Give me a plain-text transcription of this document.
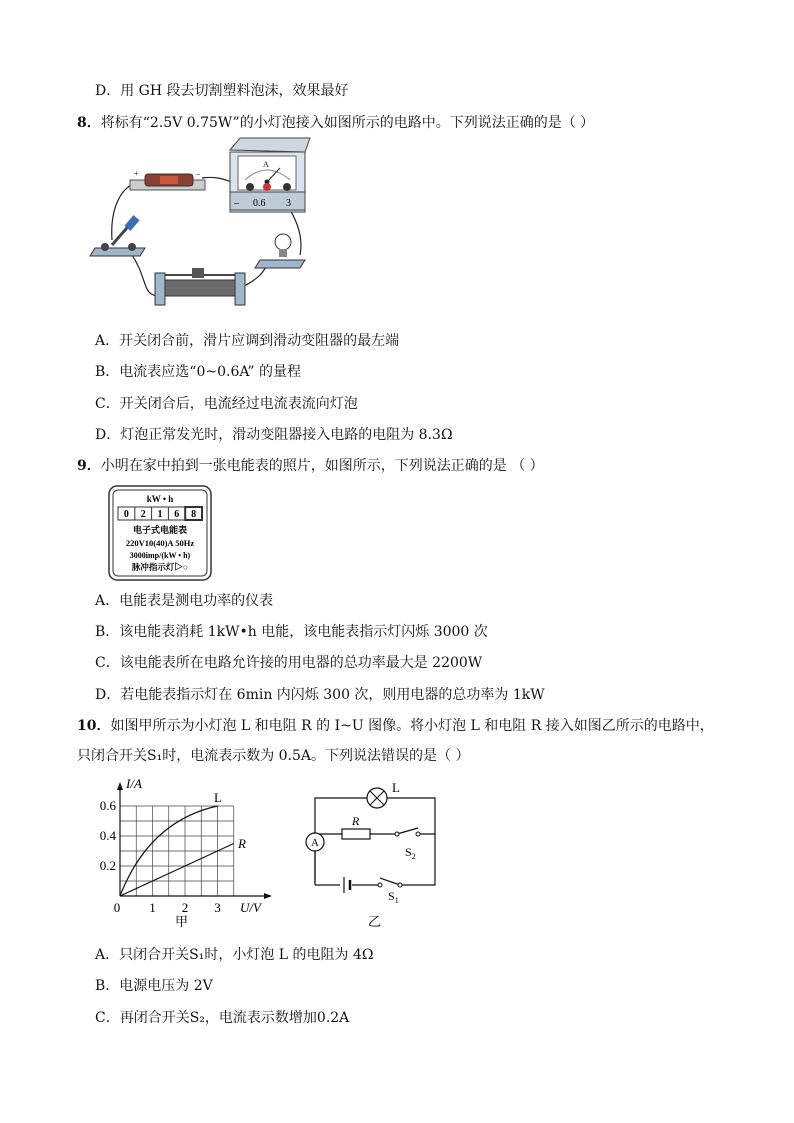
D．用 GH 段去切割塑料泡沫，效果最好
8．将标有“2.5V 0.75W”的小灯泡接入如图所示的电路中。下列说法正确的是（ ）
+	–
A
– 0.6 3
A．开关闭合前，滑片应调到滑动变阻器的最左端
B．电流表应选“0~0.6A” 的量程
C．开关闭合后，电流经过电流表流向灯泡
D．灯泡正常发光时，滑动变阻器接入电路的电阻为 8.3Ω
9．小明在家中拍到一张电能表的照片，如图所示，下列说法正确的是 （ ）
kW • h
0 2 1 6 8
电子式电能表
220V10(40)A 50Hz
3000imp/(kW • h)
脉冲指示灯▷○
A．电能表是测电功率的仪表
B．该电能表消耗 1kW•h 电能，该电能表指示灯闪烁 3000 次
C．该电能表所在电路允许接的用电器的总功率最大是 2200W
D．若电能表指示灯在 6min 内闪烁 300 次，则用电器的总功率为 1kW
10．如图甲所示为小灯泡 L 和电阻 R 的 I~U 图像。将小灯泡 L 和电阻 R 接入如图乙所示的电路中，
只闭合开关S₁时，电流表示数为 0.5A。下列说法错误的是（ ）
0.6
0.4
0.2
0 1 2 3
I/A
U/V
L
R
甲
L
R
$S_2$
A
$S_1$
乙
A．只闭合开关S₁时，小灯泡 L 的电阻为 4Ω
B．电源电压为 2V
C．再闭合开关S₂，电流表示数增加0.2A
